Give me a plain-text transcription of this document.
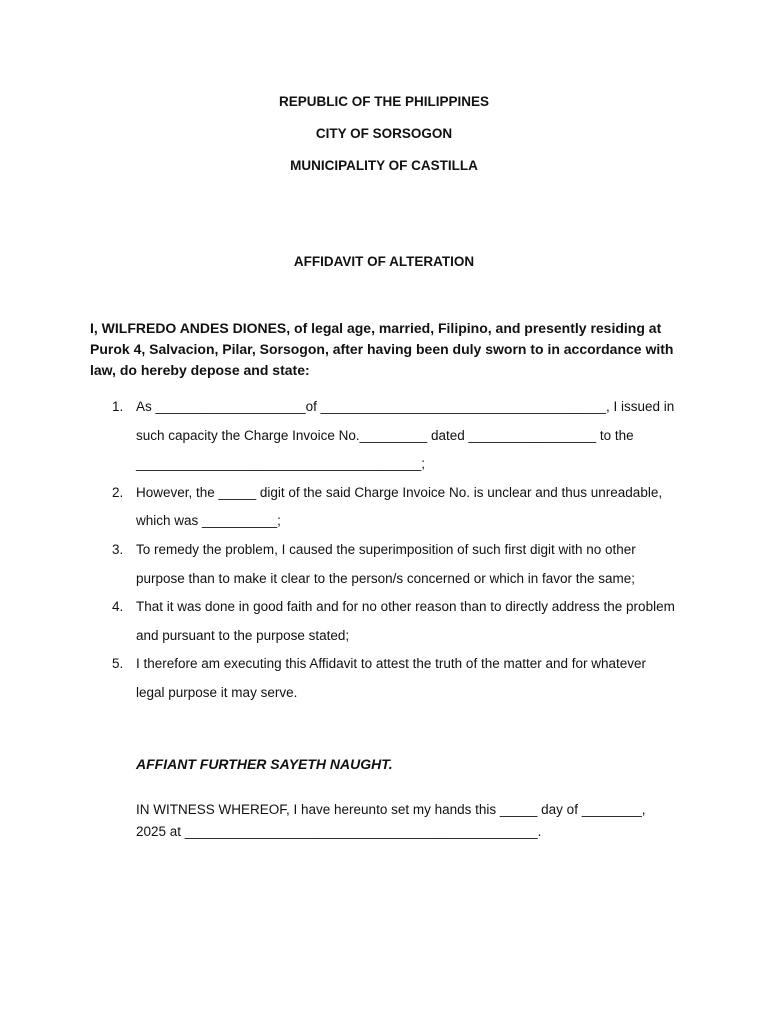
REPUBLIC OF THE PHILIPPINES
CITY OF SORSOGON
MUNICIPALITY OF CASTILLA
AFFIDAVIT OF ALTERATION
I, WILFREDO ANDES DIONES, of legal age, married, Filipino, and presently residing at Purok 4, Salvacion, Pilar, Sorsogon, after having been duly sworn to in accordance with law, do hereby depose and state:
1. As ____________________of ______________________________________, I issued in such capacity the Charge Invoice No._________ dated _________________ to the ______________________________________;
2. However, the _____ digit of the said Charge Invoice No. is unclear and thus unreadable, which was __________;
3. To remedy the problem, I caused the superimposition of such first digit with no other purpose than to make it clear to the person/s concerned or which in favor the same;
4. That it was done in good faith and for no other reason than to directly address the problem and pursuant to the purpose stated;
5. I therefore am executing this Affidavit to attest the truth of the matter and for whatever legal purpose it may serve.
AFFIANT FURTHER SAYETH NAUGHT.
IN WITNESS WHEREOF, I have hereunto set my hands this _____ day of ________, 2025 at _______________________________________________.
